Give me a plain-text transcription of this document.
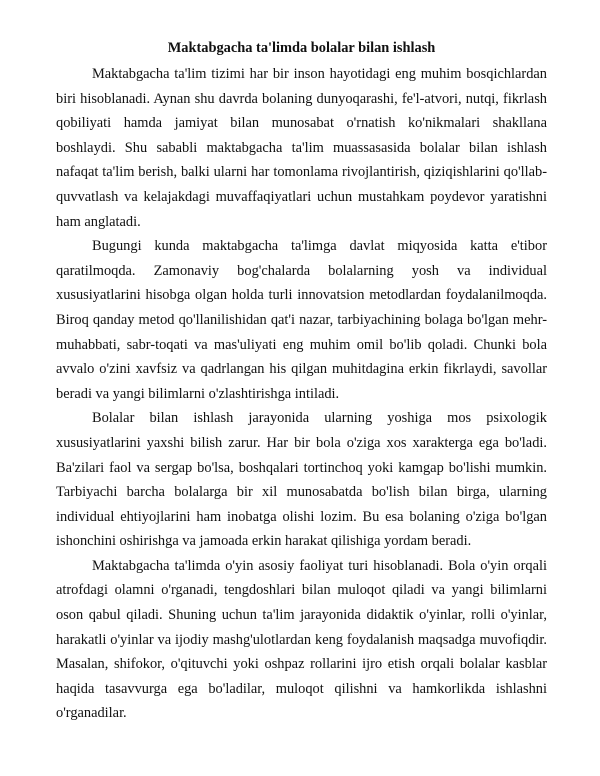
Maktabgacha ta'limda bolalar bilan ishlash

Maktabgacha ta'lim tizimi har bir inson hayotidagi eng muhim bosqichlardan biri hisoblanadi. Aynan shu davrda bolaning dunyoqarashi, fe'l-atvori, nutqi, fikrlash qobiliyati hamda jamiyat bilan munosabat o'rnatish ko'nikmalari shakllana boshlaydi. Shu sababli maktabgacha ta'lim muassasasida bolalar bilan ishlash nafaqat ta'lim berish, balki ularni har tomonlama rivojlantirish, qiziqishlarini qo'llab-quvvatlash va kelajakdagi muvaffaqiyatlari uchun mustahkam poydevor yaratishni ham anglatadi.

Bugungi kunda maktabgacha ta'limga davlat miqyosida katta e'tibor qaratilmoqda. Zamonaviy bog'chalarda bolalarning yosh va individual xususiyatlarini hisobga olgan holda turli innovatsion metodlardan foydalanilmoqda. Biroq qanday metod qo'llanilishidan qat'i nazar, tarbiyachining bolaga bo'lgan mehr-muhabbati, sabr-toqati va mas'uliyati eng muhim omil bo'lib qoladi. Chunki bola avvalo o'zini xavfsiz va qadrlangan his qilgan muhitdagina erkin fikrlaydi, savollar beradi va yangi bilimlarni o'zlashtirishga intiladi.

Bolalar bilan ishlash jarayonida ularning yoshiga mos psixologik xususiyatlarini yaxshi bilish zarur. Har bir bola o'ziga xos xarakterga ega bo'ladi. Ba'zilari faol va sergap bo'lsa, boshqalari tortinchoq yoki kamgap bo'lishi mumkin. Tarbiyachi barcha bolalarga bir xil munosabatda bo'lish bilan birga, ularning individual ehtiyojlarini ham inobatga olishi lozim. Bu esa bolaning o'ziga bo'lgan ishonchini oshirishga va jamoada erkin harakat qilishiga yordam beradi.

Maktabgacha ta'limda o'yin asosiy faoliyat turi hisoblanadi. Bola o'yin orqali atrofdagi olamni o'rganadi, tengdoshlari bilan muloqot qiladi va yangi bilimlarni oson qabul qiladi. Shuning uchun ta'lim jarayonida didaktik o'yinlar, rolli o'yinlar, harakatli o'yinlar va ijodiy mashg'ulotlardan keng foydalanish maqsadga muvofiqdir. Masalan, shifokor, o'qituvchi yoki oshpaz rollarini ijro etish orqali bolalar kasblar haqida tasavvurga ega bo'ladilar, muloqot qilishni va hamkorlikda ishlashni o'rganadilar.
